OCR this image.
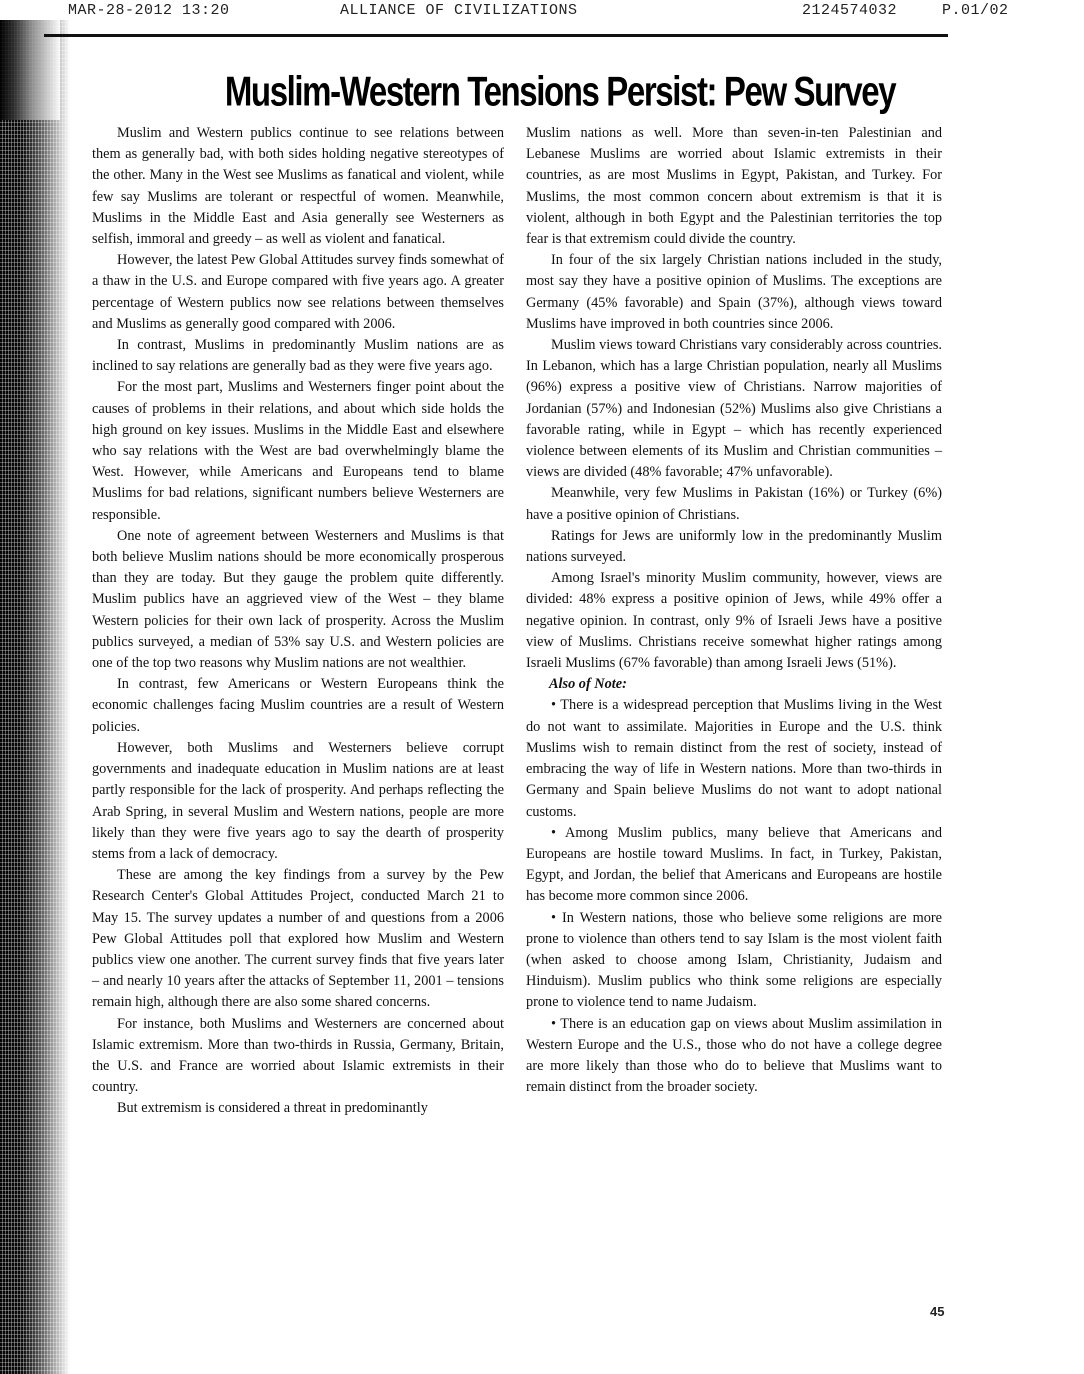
MAR-28-2012 13:20	ALLIANCE OF CIVILIZATIONS	2124574032	P.01/02
Muslim-Western Tensions Persist: Pew Survey

Muslim and Western publics continue to see relations between them as generally bad, with both sides holding negative stereotypes of the other. Many in the West see Muslims as fanatical and violent, while few say Muslims are tolerant or respectful of women. Meanwhile, Muslims in the Middle East and Asia generally see Westerners as selfish, immoral and greedy – as well as violent and fanatical.

However, the latest Pew Global Attitudes survey finds somewhat of a thaw in the U.S. and Europe compared with five years ago. A greater percentage of Western publics now see relations between themselves and Muslims as generally good compared with 2006.

In contrast, Muslims in predominantly Muslim nations are as inclined to say relations are generally bad as they were five years ago.

For the most part, Muslims and Westerners finger point about the causes of problems in their relations, and about which side holds the high ground on key issues. Muslims in the Middle East and elsewhere who say relations with the West are bad overwhelmingly blame the West. However, while Americans and Europeans tend to blame Muslims for bad relations, significant numbers believe Westerners are responsible.

One note of agreement between Westerners and Muslims is that both believe Muslim nations should be more economically prosperous than they are today. But they gauge the problem quite differently. Muslim publics have an aggrieved view of the West – they blame Western policies for their own lack of prosperity. Across the Muslim publics surveyed, a median of 53% say U.S. and Western policies are one of the top two reasons why Muslim nations are not wealthier.

In contrast, few Americans or Western Europeans think the economic challenges facing Muslim countries are a result of Western policies.

However, both Muslims and Westerners believe corrupt governments and inadequate education in Muslim nations are at least partly responsible for the lack of prosperity. And perhaps reflecting the Arab Spring, in several Muslim and Western nations, people are more likely than they were five years ago to say the dearth of prosperity stems from a lack of democracy.

These are among the key findings from a survey by the Pew Research Center's Global Attitudes Project, conducted March 21 to May 15. The survey updates a number of and questions from a 2006 Pew Global Attitudes poll that explored how Muslim and Western publics view one another. The current survey finds that five years later – and nearly 10 years after the attacks of September 11, 2001 – tensions remain high, although there are also some shared concerns.

For instance, both Muslims and Westerners are concerned about Islamic extremism. More than two-thirds in Russia, Germany, Britain, the U.S. and France are worried about Islamic extremists in their country.

But extremism is considered a threat in predominantly

Muslim nations as well. More than seven-in-ten Palestinian and Lebanese Muslims are worried about Islamic extremists in their countries, as are most Muslims in Egypt, Pakistan, and Turkey. For Muslims, the most common concern about extremism is that it is violent, although in both Egypt and the Palestinian territories the top fear is that extremism could divide the country.

In four of the six largely Christian nations included in the study, most say they have a positive opinion of Muslims. The exceptions are Germany (45% favorable) and Spain (37%), although views toward Muslims have improved in both countries since 2006.

Muslim views toward Christians vary considerably across countries. In Lebanon, which has a large Christian population, nearly all Muslims (96%) express a positive view of Christians. Narrow majorities of Jordanian (57%) and Indonesian (52%) Muslims also give Christians a favorable rating, while in Egypt – which has recently experienced violence between elements of its Muslim and Christian communities – views are divided (48% favorable; 47% unfavorable).

Meanwhile, very few Muslims in Pakistan (16%) or Turkey (6%) have a positive opinion of Christians.

Ratings for Jews are uniformly low in the predominantly Muslim nations surveyed.

Among Israel's minority Muslim community, however, views are divided: 48% express a positive opinion of Jews, while 49% offer a negative opinion. In contrast, only 9% of Israeli Jews have a positive view of Muslims. Christians receive somewhat higher ratings among Israeli Muslims (67% favorable) than among Israeli Jews (51%).

Also of Note:

• There is a widespread perception that Muslims living in the West do not want to assimilate. Majorities in Europe and the U.S. think Muslims wish to remain distinct from the rest of society, instead of embracing the way of life in Western nations. More than two-thirds in Germany and Spain believe Muslims do not want to adopt national customs.

• Among Muslim publics, many believe that Americans and Europeans are hostile toward Muslims. In fact, in Turkey, Pakistan, Egypt, and Jordan, the belief that Americans and Europeans are hostile has become more common since 2006.

• In Western nations, those who believe some religions are more prone to violence than others tend to say Islam is the most violent faith (when asked to choose among Islam, Christianity, Judaism and Hinduism). Muslim publics who think some religions are especially prone to violence tend to name Judaism.

• There is an education gap on views about Muslim assimilation in Western Europe and the U.S., those who do not have a college degree are more likely than those who do to believe that Muslims want to remain distinct from the broader society.

45
